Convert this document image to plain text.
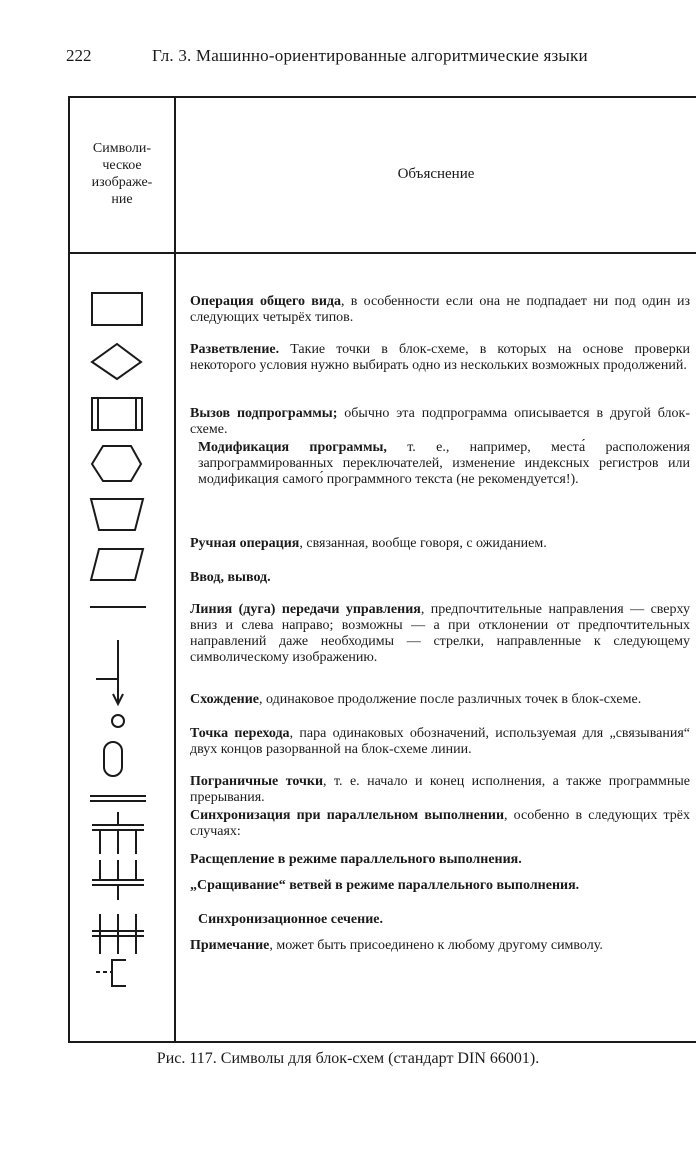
222	Гл. 3. Машинно-ориентированные алгоритмические языки
Символи-
ческое
изображе-
ние
Объяснение
Операция общего вида, в особенности если она не подпадает ни под один из следующих четырёх типов.
Разветвление. Такие точки в блок-схеме, в которых на основе проверки некоторого условия нужно выбирать одно из нескольких возможных продолжений.
Вызов подпрограммы; обычно эта подпрограмма описывается в другой блок-схеме.
Модификация программы, т. е., например, места́ расположения запрограммированных переключателей, изменение индексных регистров или модификация самого́ программного текста (не рекомендуется!).
Ручная операция, связанная, вообще говоря, с ожиданием.
Ввод, вывод.
Линия (дуга) передачи управления, предпочтительные направления — сверху вниз и слева направо; возможны — а при отклонении от предпочтительных направлений даже необходимы — стрелки, направленные к следующему символическому изображению.
Схождение, одинаковое продолжение после различных точек в блок-схеме.
Точка перехода, пара одинаковых обозначений, используемая для „связывания“ двух концов разорванной на блок-схеме линии.
Пограничные точки, т. е. начало и конец исполнения, а также программные прерывания.
Синхронизация при параллельном выполнении, особенно в следующих трёх случаях:
Расщепление в режиме параллельного выполнения.
„Сращивание“ ветвей в режиме параллельного выполнения.
Синхронизационное сечение.
Примечание, может быть присоединено к любому другому символу.
Рис. 117. Символы для блок-схем (стандарт DIN 66001).
